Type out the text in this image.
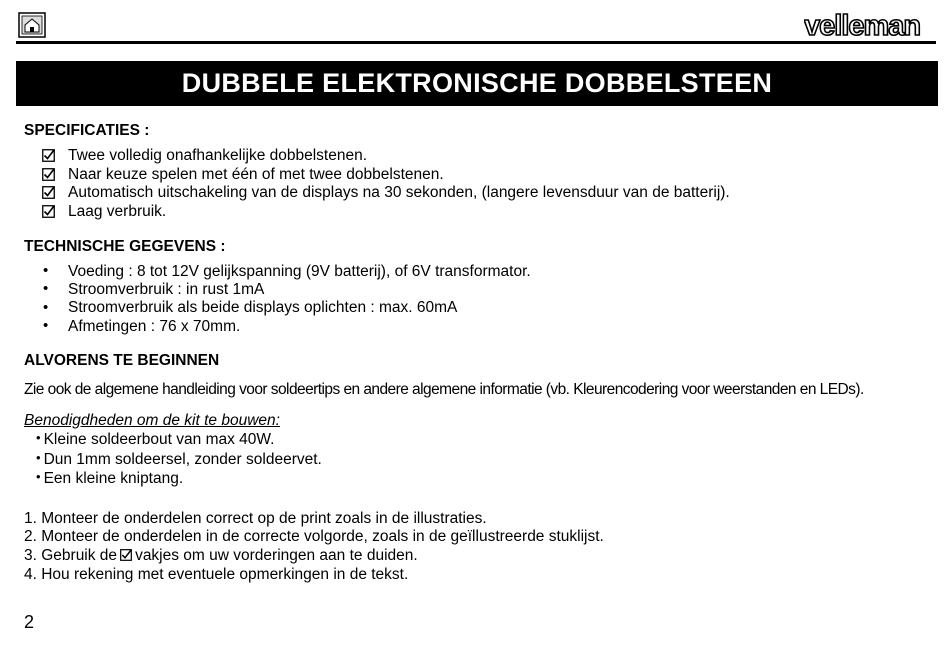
velleman
DUBBELE ELEKTRONISCHE DOBBELSTEEN
SPECIFICATIES :
Twee volledig onafhankelijke dobbelstenen.
Naar keuze spelen met één of met twee dobbelstenen.
Automatisch uitschakeling van de displays na 30 sekonden, (langere levensduur van de batterij).
Laag verbruik.
TECHNISCHE GEGEVENS :
• Voeding : 8 tot 12V gelijkspanning (9V batterij), of 6V transformator.
• Stroomverbruik : in rust 1mA
• Stroomverbruik als beide displays oplichten : max. 60mA
• Afmetingen : 76 x 70mm.
ALVORENS TE BEGINNEN
Zie ook de algemene handleiding voor soldeertips en andere algemene informatie (vb. Kleurencodering voor weerstanden en LEDs).
Benodigdheden om de kit te bouwen:
• Kleine soldeerbout van max 40W.
• Dun 1mm soldeersel, zonder soldeervet.
• Een kleine kniptang.
1. Monteer de onderdelen correct op de print zoals in de illustraties.
2. Monteer de onderdelen in de correcte volgorde, zoals in de geïllustreerde stuklijst.
3. Gebruik de vakjes om uw vorderingen aan te duiden.
4. Hou rekening met eventuele opmerkingen in de tekst.
2
